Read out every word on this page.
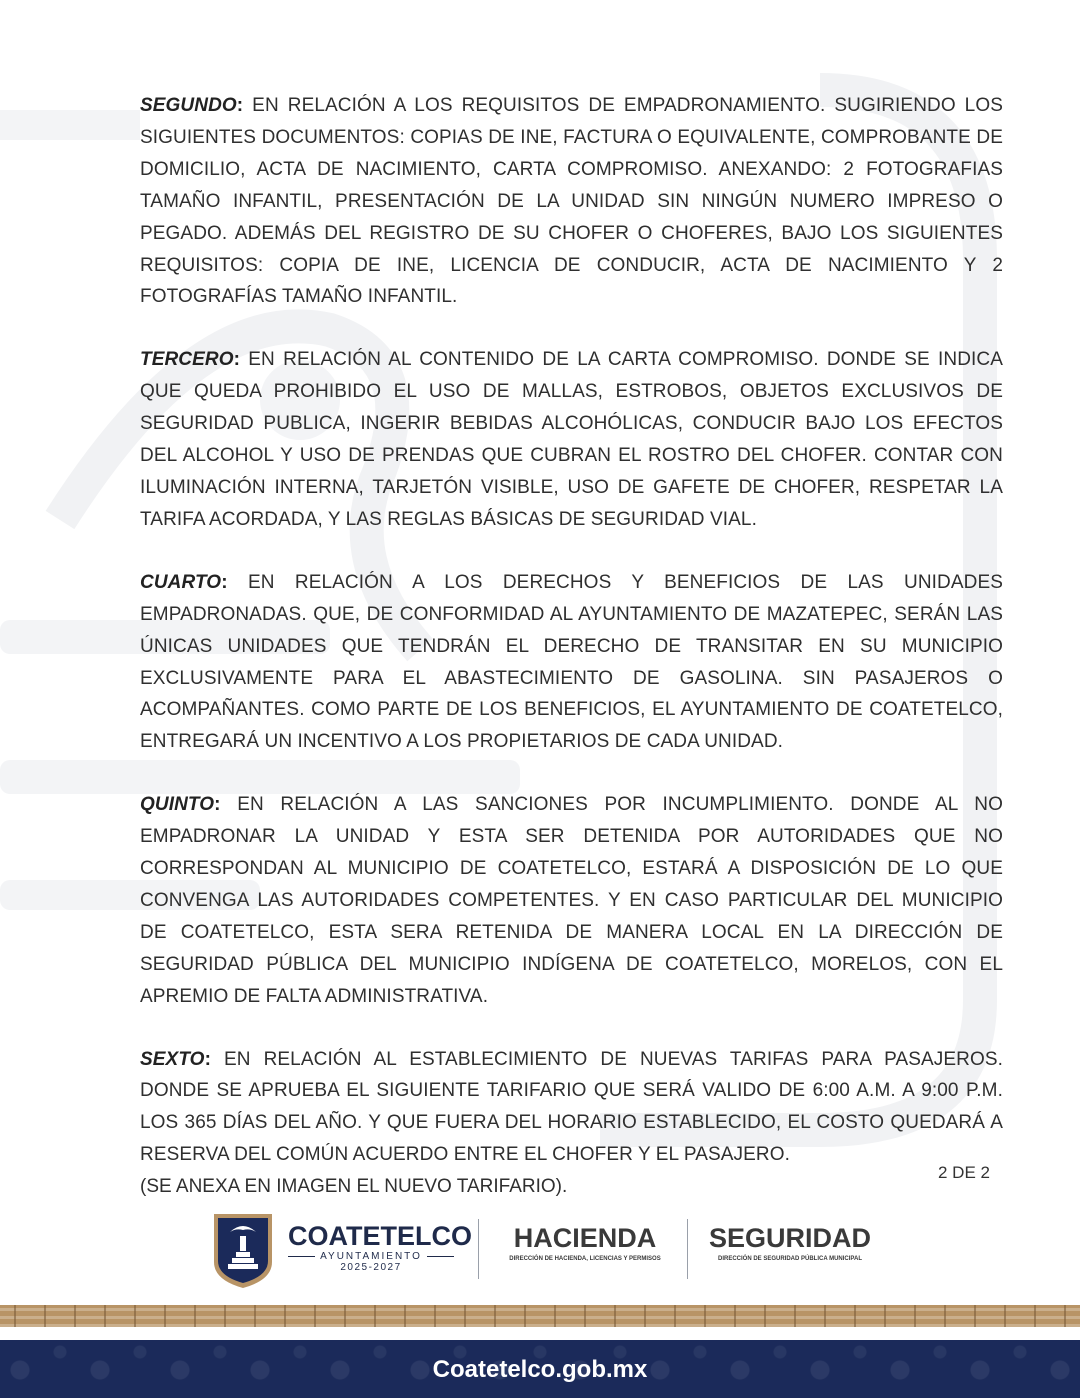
SEGUNDO: EN RELACIÓN A LOS REQUISITOS DE EMPADRONAMIENTO. SUGIRIENDO LOS SIGUIENTES DOCUMENTOS: COPIAS DE INE, FACTURA O EQUIVALENTE, COMPROBANTE DE DOMICILIO, ACTA DE NACIMIENTO, CARTA COMPROMISO. ANEXANDO: 2 FOTOGRAFIAS TAMAÑO INFANTIL, PRESENTACIÓN DE LA UNIDAD SIN NINGÚN NUMERO IMPRESO O PEGADO. ADEMÁS DEL REGISTRO DE SU CHOFER O CHOFERES, BAJO LOS SIGUIENTES REQUISITOS: COPIA DE INE, LICENCIA DE CONDUCIR, ACTA DE NACIMIENTO Y 2 FOTOGRAFÍAS TAMAÑO INFANTIL.

TERCERO: EN RELACIÓN AL CONTENIDO DE LA CARTA COMPROMISO. DONDE SE INDICA QUE QUEDA PROHIBIDO EL USO DE MALLAS, ESTROBOS, OBJETOS EXCLUSIVOS DE SEGURIDAD PUBLICA, INGERIR BEBIDAS ALCOHÓLICAS, CONDUCIR BAJO LOS EFECTOS DEL ALCOHOL Y USO DE PRENDAS QUE CUBRAN EL ROSTRO DEL CHOFER. CONTAR CON ILUMINACIÓN INTERNA, TARJETÓN VISIBLE, USO DE GAFETE DE CHOFER, RESPETAR LA TARIFA ACORDADA, Y LAS REGLAS BÁSICAS DE SEGURIDAD VIAL.

CUARTO: EN RELACIÓN A LOS DERECHOS Y BENEFICIOS DE LAS UNIDADES EMPADRONADAS. QUE, DE CONFORMIDAD AL AYUNTAMIENTO DE MAZATEPEC, SERÁN LAS ÚNICAS UNIDADES QUE TENDRÁN EL DERECHO DE TRANSITAR EN SU MUNICIPIO EXCLUSIVAMENTE PARA EL ABASTECIMIENTO DE GASOLINA. SIN PASAJEROS O ACOMPAÑANTES. COMO PARTE DE LOS BENEFICIOS, EL AYUNTAMIENTO DE COATETELCO, ENTREGARÁ UN INCENTIVO A LOS PROPIETARIOS DE CADA UNIDAD.

QUINTO: EN RELACIÓN A LAS SANCIONES POR INCUMPLIMIENTO. DONDE AL NO EMPADRONAR LA UNIDAD Y ESTA SER DETENIDA POR AUTORIDADES QUE NO CORRESPONDAN AL MUNICIPIO DE COATETELCO, ESTARÁ A DISPOSICIÓN DE LO QUE CONVENGA LAS AUTORIDADES COMPETENTES. Y EN CASO PARTICULAR DEL MUNICIPIO DE COATETELCO, ESTA SERA RETENIDA DE MANERA LOCAL EN LA DIRECCIÓN DE SEGURIDAD PÚBLICA DEL MUNICIPIO INDÍGENA DE COATETELCO, MORELOS, CON EL APREMIO DE FALTA ADMINISTRATIVA.

SEXTO: EN RELACIÓN AL ESTABLECIMIENTO DE NUEVAS TARIFAS PARA PASAJEROS. DONDE SE APRUEBA EL SIGUIENTE TARIFARIO QUE SERÁ VALIDO DE 6:00 A.M. A 9:00 P.M. LOS 365 DÍAS DEL AÑO. Y QUE FUERA DEL HORARIO ESTABLECIDO, EL COSTO QUEDARÁ A RESERVA DEL COMÚN ACUERDO ENTRE EL CHOFER Y EL PASAJERO.

(SE ANEXA EN IMAGEN EL NUEVO TARIFARIO).
2 DE 2
COATETELCO
AYUNTAMIENTO
2025-2027
HACIENDA
DIRECCIÓN DE HACIENDA, LICENCIAS Y PERMISOS
SEGURIDAD
DIRECCIÓN DE SEGURIDAD PÚBLICA MUNICIPAL
Coatetelco.gob.mx
